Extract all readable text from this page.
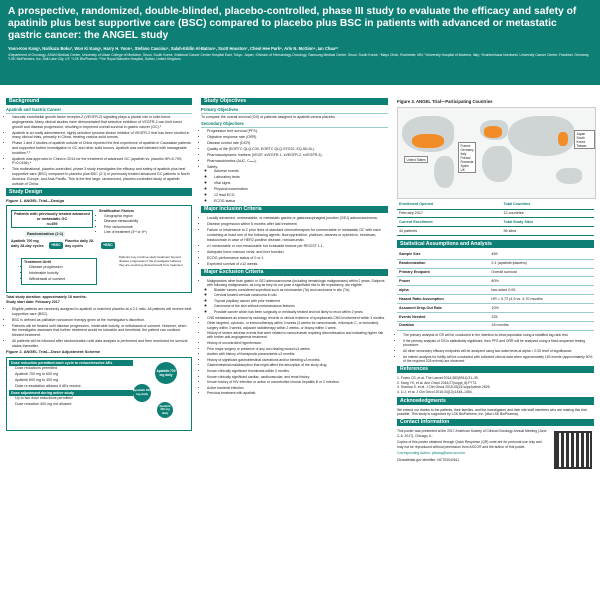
A prospective, randomized, double-blinded, placebo-controlled, phase III study to evaluate the efficacy and safety of apatinib plus best supportive care (BSC) compared to placebo plus BSC in patients with advanced or metastatic gastric cancer: the ANGEL study
Yoon-Koo Kang¹, Narikazu Boku², Won Ki Kang³, Harry H. Yoon⁴, Stefano Cascinu⁵, Salah-Eddin Al-Batran⁶, Scott Houston⁷, Cheol Hee Park⁸, Arlo N. McGinn⁹, Ian Chau¹⁰
¹Department of Oncology, ASAN Medical Center, University of Ulsan College of Medicine, Seoul, South Korea; ²National Cancer Center Hospital East, Tokyo, Japan; ³Division of Hematology-Oncology, Samsung Medical Center, Seoul, South Korea; ⁴Mayo Clinic, Rochester, MN; ⁵University Hospital of Modena, Italy; ⁶Krankenhaus Nordwest, University Cancer Center, Frankfurt, Germany; ⁷LSK BioPartners, Inc, Salt Lake City, UT; ⁸LSK BioPharma; ⁹The Royal Marsden Hospital, Sutton, United Kingdom
Background
Apatinib and Gastric Cancer
• Vascular endothelial growth factor receptor-2 (VEGFR-2) signaling plays a pivotal role in solid tumor angiogenesis. Many clinical studies have demonstrated that selective inhibition of VEGFR-2 can limit tumor growth and disease progression, resulting in improved overall survival in gastric cancer (GC).¹
• Apatinib is an orally administered, highly selective tyrosine kinase inhibitor of VEGFR-2 that has been studied in many clinical trials, primarily in China, treating various solid tumors.
• Phase 1 and 2 studies of apatinib outside of China reported the first experience of apatinib in Caucasian patients and supported further investigation in GC and other solid tumors. Apatinib was well tolerated with manageable toxicities.²,³
• Apatinib was approved in China in 2014 for the treatment of advanced GC (apatinib vs. placebo HR=0.709; P=0.0156).⁴
• This multinational, placebo-controlled, phase 3 study investigates the efficacy and safety of apatinib plus best supportive care (BSC) compared to placebo plus BSC (2:1) in previously treated advanced GC patients in North America, Europe, and Asia Pacific. This is the first large, randomized, placebo-controlled study of apatinib outside of China.
Study Design
Figure 1. ANGEL Trial—Design
Patients with previously treated advanced or metastatic GC
n=459
Stratification Factors
• Geographic region
• Disease measurability
• Prior ramucirumab
• Line of treatment (3ʳᵈ or 4ᵗʰ)
Randomization (2:1)
Apatinib 700 mg daily 28-day cycles	+BSC
Placebo daily 28-day cycles	+BSC
Treatment Until
• Disease progression
• Intolerable toxicity
• Withdrawal of consent
Patients may continue study treatment beyond disease progression if the investigator believes they are receiving clinical benefit from treatment

Total study duration: approximately 18 months.
Study start date: February 2017

• Eligible patients are randomly assigned to apatinib or matched placebo at a 2:1 ratio. All patients will receive best supportive care (BSC).
• BSC is defined as palliative noncancer therapy given at the investigator's discretion.
• Patients will be treated until disease progression, intolerable toxicity, or withdrawal of consent. However, when the investigator assesses that further treatment would be tolerable and beneficial, the patient can continue blinded treatment.
• All patients will be followed after randomization until data analysis is performed and then monitored for survival status thereafter.
Figure 2. ANGEL Trial—Dose Adjustment Scheme
Dose reduction permitted each cycle to reduce/resolve AEs
• Dose reductions permitted
• Apatinib 700 mg to 600 mg
• Apatinib 600 mg to 400 mg
• Dose re-escalation allowed if AEs resolve
Dose adjustment during active study
• Up to two dose reductions permitted
• Dose reduction 400 mg not allowed
Apatinib 700 mg daily
Apatinib 600 mg daily
Apatinib 400 mg daily
Study Objectives
Primary Objectives

To compare the overall survival (OS) of patients assigned to apatinib versus placebo.

Secondary Objectives
• Progression free survival (PFS).
• Objective response rate (ORR).
• Disease control rate (DCR).
• Quality of life (EORTC QLQ-C30, EORTC QLQ-STO22, EQ-5D-5L).
• Pharmacodynamic markers (VEGF, sVEGFR-1, sVEGFR-2, sVEGFR-3).
• Pharmacokinetics (AUC, Cₘₐₓ).
• Safety:
◦ Adverse events
◦ Laboratory tests
◦ Vital signs
◦ Physical examination
◦ 12 lead ECG
◦ ECOG status
Major Inclusion Criteria
• Locally advanced, unresectable, or metastatic gastric or gastroesophageal junction (GEJ) adenocarcinoma.
• Disease progression within 6 months after last treatment.
• Failure or intolerance to 2 prior lines of standard chemotherapies for unresectable or metastatic GC with each containing at least one of the following agents: fluoropyrimidine, platinum, taxanes or epirubicin, irinotecan, trastuzumab in case of HER2-positive disease, ramucirumab.
• ≥1 measurable or non-measurable but evaluable lesions per RECIST 1.1.
• Adequate bone-marrow, renal, and liver function.
• ECOG performance status of 0 or 1.
• Expected survival of ≥12 weeks.
Major Exclusion Criteria
• Malignancies other than gastric or GEJ adenocarcinoma (including hematologic malignancies) within 2 years. Subjects with following malignancies, as long as they do not pose a significant risk to life expectancy, are eligible:
◦ Bladder tumors considered superficial such as noninvasive (Ta) and carcinoma in situ (Tis)
◦ Cervical treated cervical carcinoma in situ
◦ Thyroid papillary cancer with prior treatment
◦ Carcinoma of the skin without melanomatous features
◦ Prostate cancer which has been surgically or medically treated and not likely to recur within 2 years
• CNS metastases as shown by radiology records or clinical evidence of symptomatic CNS involvement within 3 months.
• Other targeted, cytotoxic, or immunotherapy within 3 weeks (4 weeks for ramucirumab, mitomycin C, or lomustine), surgery within 3 weeks, adjuvant radiotherapy within 2 weeks, or biopsy within 1 week.
• History of severe adverse events that were related to ramucirumab requiring discontinuation and indicating higher risk with further anti-angiogenesis treatment.
• History of uncontrolled hypertension.
• Prior major surgery or presence of any non-healing wound ≤3 weeks.
• Ascites with history of therapeutic paracentesis ≤3 months.
• History of significant gastrointestinal ulcerations and/or bleeding ≤3 months.
• Gastrointestinal malabsorption that might affect the absorption of the study drug.
• Known clinically significant thrombosis within 3 months.
• Known clinically significant cardiac, cardiovascular, and renal history.
• Known history of HIV infection or active or uncontrolled chronic hepatitis B or C infection.
• Active bacterial infection.
• Previous treatment with apatinib.
Figure 3. ANGEL Trial—Participating Countries
United States
France
Germany
Italy
Poland
Romania
Spain
UK
Japan
South Korea
Taiwan
Enrollment Opened	Total Countries
February 2017	12 countries
Current Enrollment	Total Study Sites
44 patients	96 sites
Statistical Assumptions and Analysis
Sample Size	459
Randomization	2:1 (apatinib:placebo)
Primary Endpoint	Overall survival
Power	80%
alpha	two-sided 0.05
Hazard Ratio Assumption	HR = 0.72 (4.5 vs. 4.70 months
Assumed Drop-Out Rate	10%
Events Needed	325
Duration	18 months
• The primary analysis of OS will be conducted in the intention-to-treat population using a stratified log-rank test.
• If the primary analysis of OS is statistically significant, then PFS and ORR will be analyzed using a fixed-sequence testing procedure.
• All other secondary efficacy endpoints will be analyzed using two-sided tests at alpha = 0.05 level of significance.
• An interim analysis for futility will be conducted with collected clinical data when approximately 163 events (approximately 50% of the required 325 events) are observed.
References
1. Fuchs CS, et al. The Lancet 2014;383(9911):31–39.
2. Kang YK, et al. Ann Oncol 2016;27(suppl_6):P773.
3. Sharma S, et al. J Clin Oncol 2015;33(15 suppl):abstr 2525.
4. Li J, et al. J Clin Oncol 2016;34(13):1448–1454.
Acknowledgments

We extend our thanks to the patients, their families, and the investigators and their site staff members who are making this trial possible. This study is supported by LSK BioPartners, Inc. (dba LSK BioPharma).

Contact Information

This poster was presented at the 2017 American Society of Clinical Oncology Annual Meeting (June 2–6, 2017), Chicago, IL.

Copies of this poster obtained through Quick Response (QR) code are for personal use only and may not be reproduced without permission from ASCO® and the author of this poster.

Corresponding Author: ykkang@amc.seoul.kr

Clinicaltrials.gov Identifier: NCT03042611
